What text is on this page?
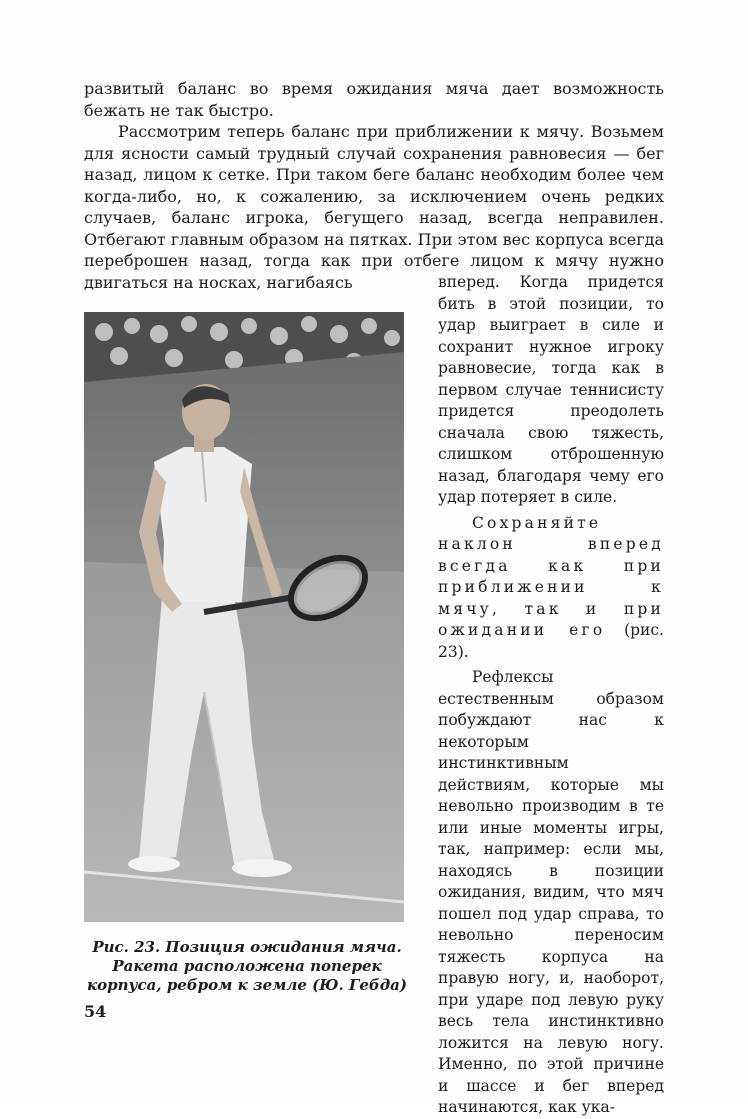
развитый баланс во время ожидания мяча дает возможность бежать не так быстро.

Рассмотрим теперь баланс при приближении к мячу. Возьмем для ясности самый трудный случай сохранения равновесия — бег назад, лицом к сетке. При таком беге баланс необходим более чем когда-либо, но, к сожалению, за исключением очень редких случаев, баланс игрока, бегущего назад, всегда неправилен. Отбегают главным образом на пятках. При этом вес корпуса всегда переброшен назад, тогда как при отбеге лицом к мячу нужно двигаться на носках, нагибаясь	вперед. Когда придется бить в этой позиции, то удар выиграет в силе и сохранит нужное игроку равновесие, тогда как в первом случае теннисисту придется преодолеть сначала свою тяжесть, слишком отброшенную назад, благодаря чему его удар потеряет в силе.

Сохраняйте наклон вперед всегда как при приближении к мячу, так и при ожидании его (рис. 23).

Рефлексы естественным образом побуждают нас к некоторым инстинктивным действиям, которые мы невольно производим в те или иные моменты игры, так, например: если мы, находясь в позиции ожидания, видим, что мяч пошел под удар справа, то невольно переносим тяжесть корпуса на правую ногу, и, наоборот, при ударе под левую руку весь тела инстинктивно ложится на левую ногу. Именно, по этой причине и шассе и бег вперед начинаются, как ука-

Рис. 23. Позиция ожидания мяча. Ракета расположена поперек корпуса, ребром к земле (Ю. Гебда)
54
